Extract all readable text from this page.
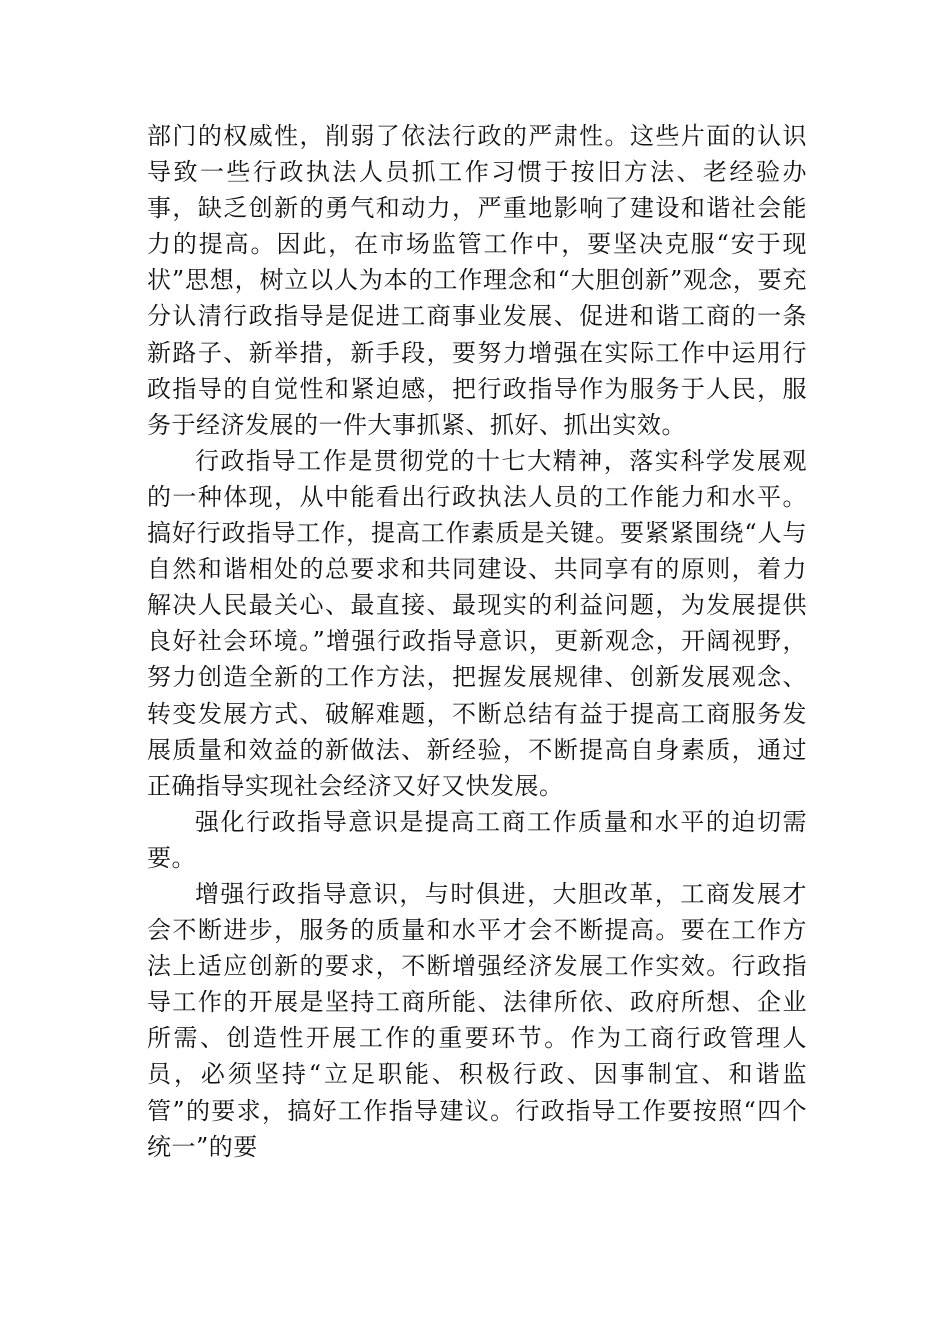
部门的权威性，削弱了依法行政的严肃性。这些片面的认识导致一些行政执法人员抓工作习惯于按旧方法、老经验办事，缺乏创新的勇气和动力，严重地影响了建设和谐社会能力的提高。因此，在市场监管工作中，要坚决克服“安于现状”思想，树立以人为本的工作理念和“大胆创新”观念，要充分认清行政指导是促进工商事业发展、促进和谐工商的一条新路子、新举措，新手段，要努力增强在实际工作中运用行政指导的自觉性和紧迫感，把行政指导作为服务于人民，服务于经济发展的一件大事抓紧、抓好、抓出实效。

行政指导工作是贯彻党的十七大精神，落实科学发展观的一种体现，从中能看出行政执法人员的工作能力和水平。搞好行政指导工作，提高工作素质是关键。要紧紧围绕“人与自然和谐相处的总要求和共同建设、共同享有的原则，着力解决人民最关心、最直接、最现实的利益问题，为发展提供良好社会环境。”增强行政指导意识，更新观念，开阔视野，努力创造全新的工作方法，把握发展规律、创新发展观念、转变发展方式、破解难题，不断总结有益于提高工商服务发展质量和效益的新做法、新经验，不断提高自身素质，通过正确指导实现社会经济又好又快发展。

强化行政指导意识是提高工商工作质量和水平的迫切需要。

增强行政指导意识，与时俱进，大胆改革，工商发展才会不断进步，服务的质量和水平才会不断提高。要在工作方法上适应创新的要求，不断增强经济发展工作实效。行政指导工作的开展是坚持工商所能、法律所依、政府所想、企业所需、创造性开展工作的重要环节。作为工商行政管理人员，必须坚持“立足职能、积极行政、因事制宜、和谐监管”的要求，搞好工作指导建议。行政指导工作要按照“四个统一”的要
